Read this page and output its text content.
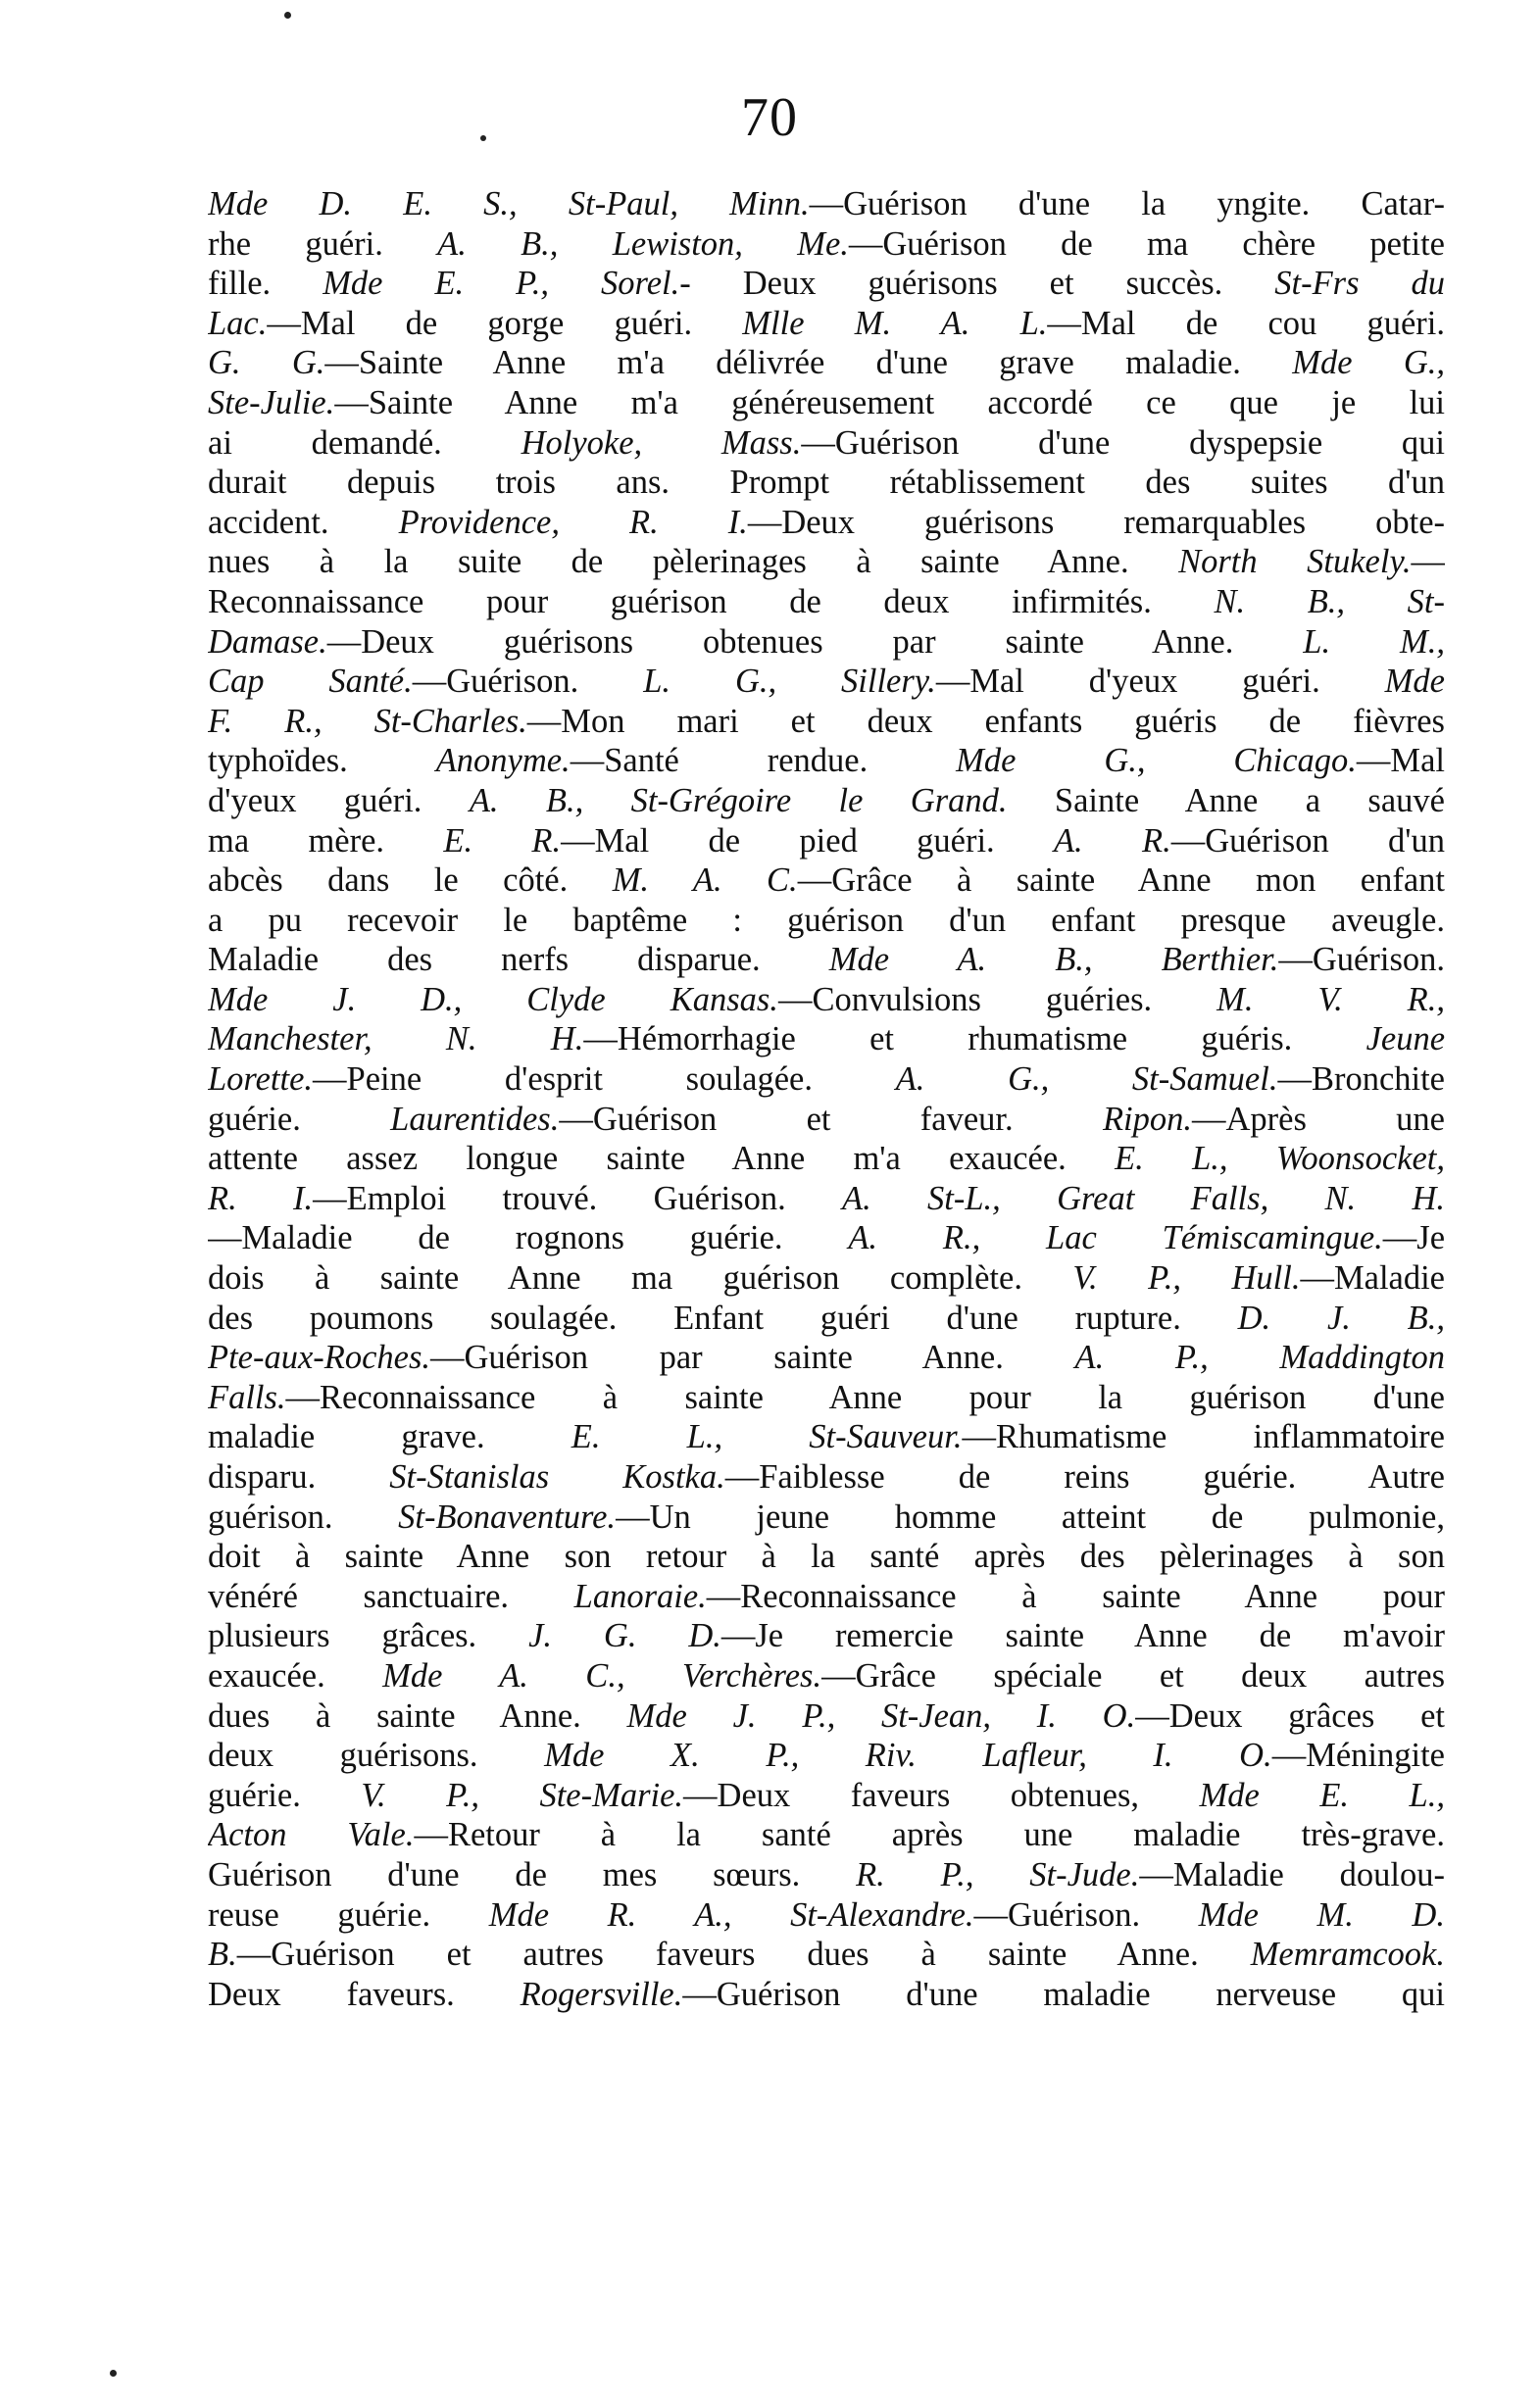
70
Mde D. E. S., St-Paul, Minn.—Guérison d'une la yngite. Catar-
rhe guéri. A. B., Lewiston, Me.—Guérison de ma chère petite
fille. Mde E. P., Sorel.- Deux guérisons et succès. St-Frs du
Lac.—Mal de gorge guéri. Mlle M. A. L.—Mal de cou guéri.
G. G.—Sainte Anne m'a délivrée d'une grave maladie. Mde G.,
Ste-Julie.—Sainte Anne m'a généreusement accordé ce que je lui
ai demandé. Holyoke, Mass.—Guérison d'une dyspepsie qui
durait depuis trois ans. Prompt rétablissement des suites d'un
accident. Providence, R. I.—Deux guérisons remarquables obte-
nues à la suite de pèlerinages à sainte Anne. North Stukely.—
Reconnaissance pour guérison de deux infirmités. N. B., St-
Damase.—Deux guérisons obtenues par sainte Anne. L. M.,
Cap Santé.—Guérison. L. G., Sillery.—Mal d'yeux guéri. Mde
F. R., St-Charles.—Mon mari et deux enfants guéris de fièvres
typhoïdes. Anonyme.—Santé rendue. Mde G., Chicago.—Mal
d'yeux guéri. A. B., St-Grégoire le Grand. Sainte Anne a sauvé
ma mère. E. R.—Mal de pied guéri. A. R.—Guérison d'un
abcès dans le côté. M. A. C.—Grâce à sainte Anne mon enfant
a pu recevoir le baptême : guérison d'un enfant presque aveugle.
Maladie des nerfs disparue. Mde A. B., Berthier.—Guérison.
Mde J. D., Clyde Kansas.—Convulsions guéries. M. V. R.,
Manchester, N. H.—Hémorrhagie et rhumatisme guéris. Jeune
Lorette.—Peine d'esprit soulagée. A. G., St-Samuel.—Bronchite
guérie. Laurentides.—Guérison et faveur. Ripon.—Après une
attente assez longue sainte Anne m'a exaucée. E. L., Woonsocket,
R. I.—Emploi trouvé. Guérison. A. St-L., Great Falls, N. H.
—Maladie de rognons guérie. A. R., Lac Témiscamingue.—Je
dois à sainte Anne ma guérison complète. V. P., Hull.—Maladie
des poumons soulagée. Enfant guéri d'une rupture. D. J. B.,
Pte-aux-Roches.—Guérison par sainte Anne. A. P., Maddington
Falls.—Reconnaissance à sainte Anne pour la guérison d'une
maladie grave. E. L., St-Sauveur.—Rhumatisme inflammatoire
disparu. St-Stanislas Kostka.—Faiblesse de reins guérie. Autre
guérison. St-Bonaventure.—Un jeune homme atteint de pulmonie,
doit à sainte Anne son retour à la santé après des pèlerinages à son
vénéré sanctuaire. Lanoraie.—Reconnaissance à sainte Anne pour
plusieurs grâces. J. G. D.—Je remercie sainte Anne de m'avoir
exaucée. Mde A. C., Verchères.—Grâce spéciale et deux autres
dues à sainte Anne. Mde J. P., St-Jean, I. O.—Deux grâces et
deux guérisons. Mde X. P., Riv. Lafleur, I. O.—Méningite
guérie. V. P., Ste-Marie.—Deux faveurs obtenues, Mde E. L.,
Acton Vale.—Retour à la santé après une maladie très-grave.
Guérison d'une de mes sœurs. R. P., St-Jude.—Maladie doulou-
reuse guérie. Mde R. A., St-Alexandre.—Guérison. Mde M. D.
B.—Guérison et autres faveurs dues à sainte Anne. Memramcook.
Deux faveurs. Rogersville.—Guérison d'une maladie nerveuse qui
